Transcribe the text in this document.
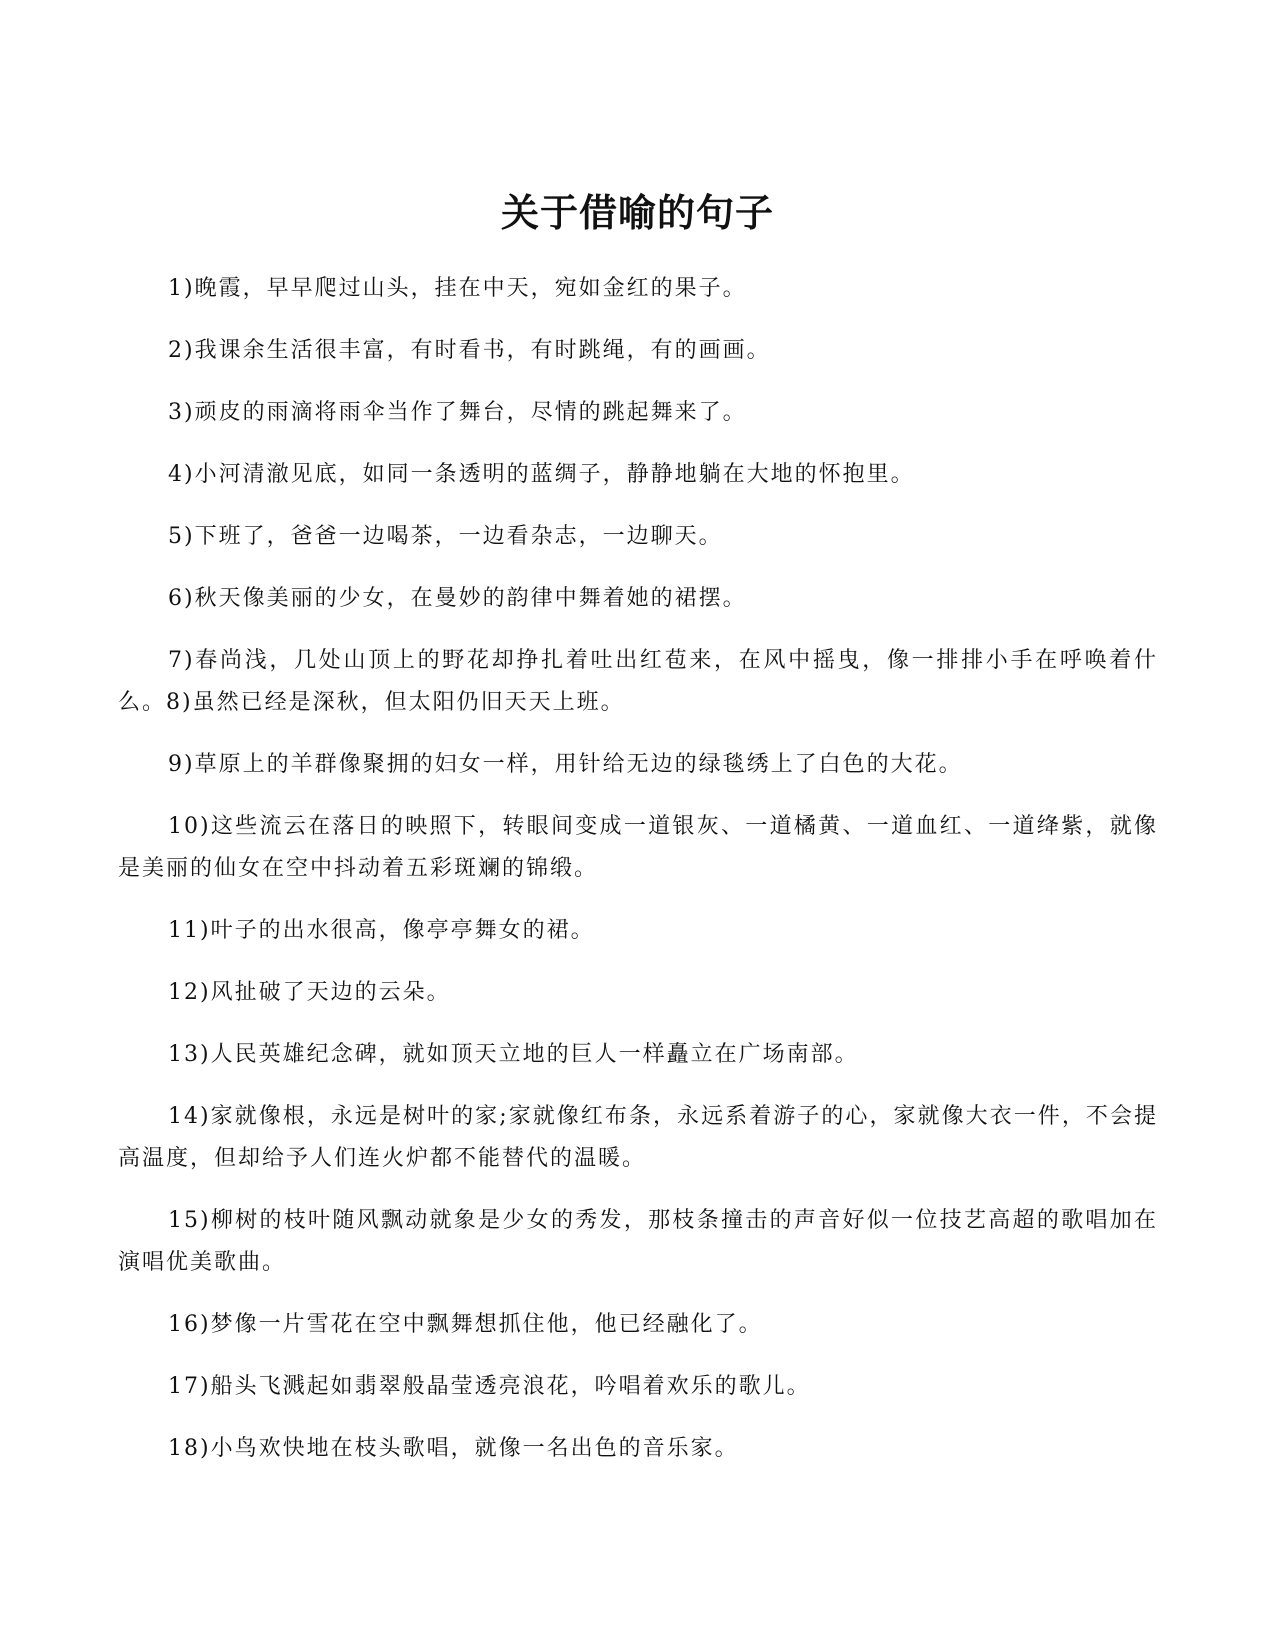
关于借喻的句子

1)晚霞，早早爬过山头，挂在中天，宛如金红的果子。

2)我课余生活很丰富，有时看书，有时跳绳，有的画画。

3)顽皮的雨滴将雨伞当作了舞台，尽情的跳起舞来了。

4)小河清澈见底，如同一条透明的蓝绸子，静静地躺在大地的怀抱里。

5)下班了，爸爸一边喝茶，一边看杂志，一边聊天。

6)秋天像美丽的少女，在曼妙的韵律中舞着她的裙摆。

7)春尚浅，几处山顶上的野花却挣扎着吐出红苞来，在风中摇曳，像一排排小手在呼唤着什么。8)虽然已经是深秋，但太阳仍旧天天上班。

9)草原上的羊群像聚拥的妇女一样，用针给无边的绿毯绣上了白色的大花。

10)这些流云在落日的映照下，转眼间变成一道银灰、一道橘黄、一道血红、一道绛紫，就像是美丽的仙女在空中抖动着五彩斑斓的锦缎。

11)叶子的出水很高，像亭亭舞女的裙。

12)风扯破了天边的云朵。

13)人民英雄纪念碑，就如顶天立地的巨人一样矗立在广场南部。

14)家就像根，永远是树叶的家;家就像红布条，永远系着游子的心，家就像大衣一件，不会提高温度，但却给予人们连火炉都不能替代的温暖。

15)柳树的枝叶随风飘动就象是少女的秀发，那枝条撞击的声音好似一位技艺高超的歌唱加在演唱优美歌曲。

16)梦像一片雪花在空中飘舞想抓住他，他已经融化了。

17)船头飞溅起如翡翠般晶莹透亮浪花，吟唱着欢乐的歌儿。

18)小鸟欢快地在枝头歌唱，就像一名出色的音乐家。
